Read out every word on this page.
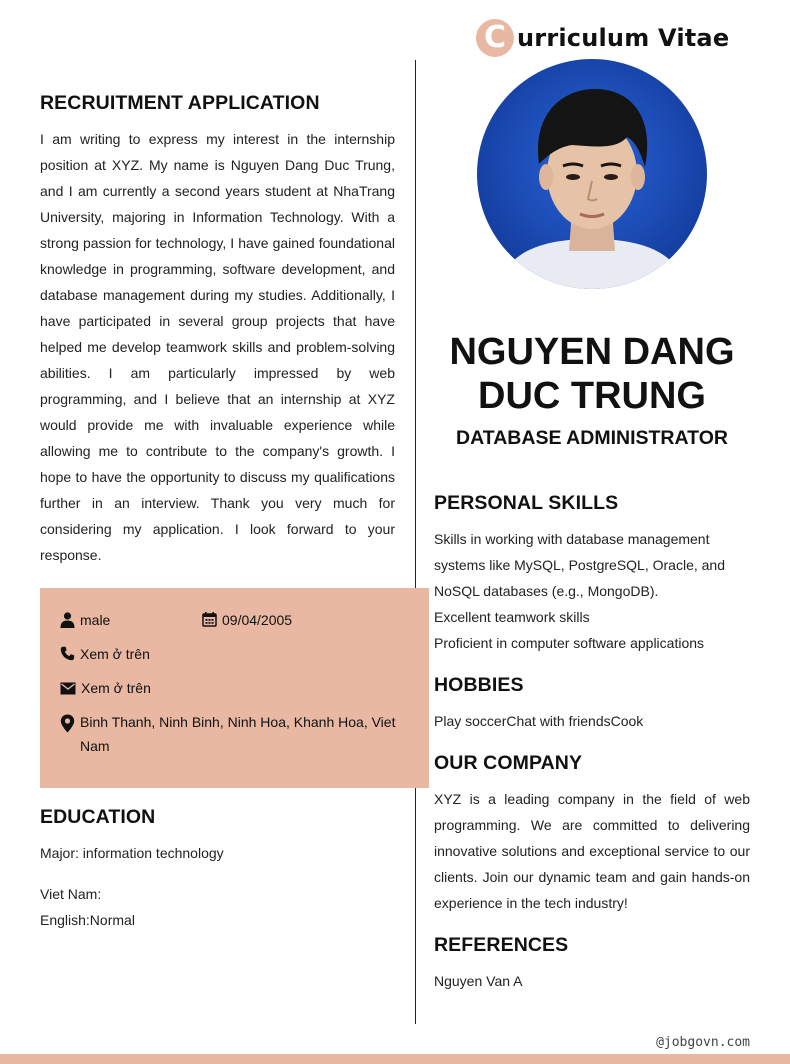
C urriculum Vitae
RECRUITMENT APPLICATION
I am writing to express my interest in the internship position at XYZ. My name is Nguyen Dang Duc Trung, and I am currently a second years student at NhaTrang University, majoring in Information Technology. With a strong passion for technology, I have gained foundational knowledge in programming, software development, and database management during my studies. Additionally, I have participated in several group projects that have helped me develop teamwork skills and problem-solving abilities. I am particularly impressed by web programming, and I believe that an internship at XYZ would provide me with invaluable experience while allowing me to contribute to the company's growth. I hope to have the opportunity to discuss my qualifications further in an interview. Thank you very much for considering my application. I look forward to your response.
male	09/04/2005
Xem ở trên
Xem ở trên
Binh Thanh, Ninh Binh, Ninh Hoa, Khanh Hoa, Viet Nam
EDUCATION
Major: information technology
Viet Nam:
English:Normal
NGUYEN DANG DUC TRUNG
DATABASE ADMINISTRATOR
PERSONAL SKILLS
Skills in working with database management systems like MySQL, PostgreSQL, Oracle, and NoSQL databases (e.g., MongoDB).
Excellent teamwork skills
Proficient in computer software applications
HOBBIES
Play soccerChat with friendsCook
OUR COMPANY
XYZ is a leading company in the field of web programming. We are committed to delivering innovative solutions and exceptional service to our clients. Join our dynamic team and gain hands-on experience in the tech industry!
REFERENCES
Nguyen Van A
@jobgovn.com
